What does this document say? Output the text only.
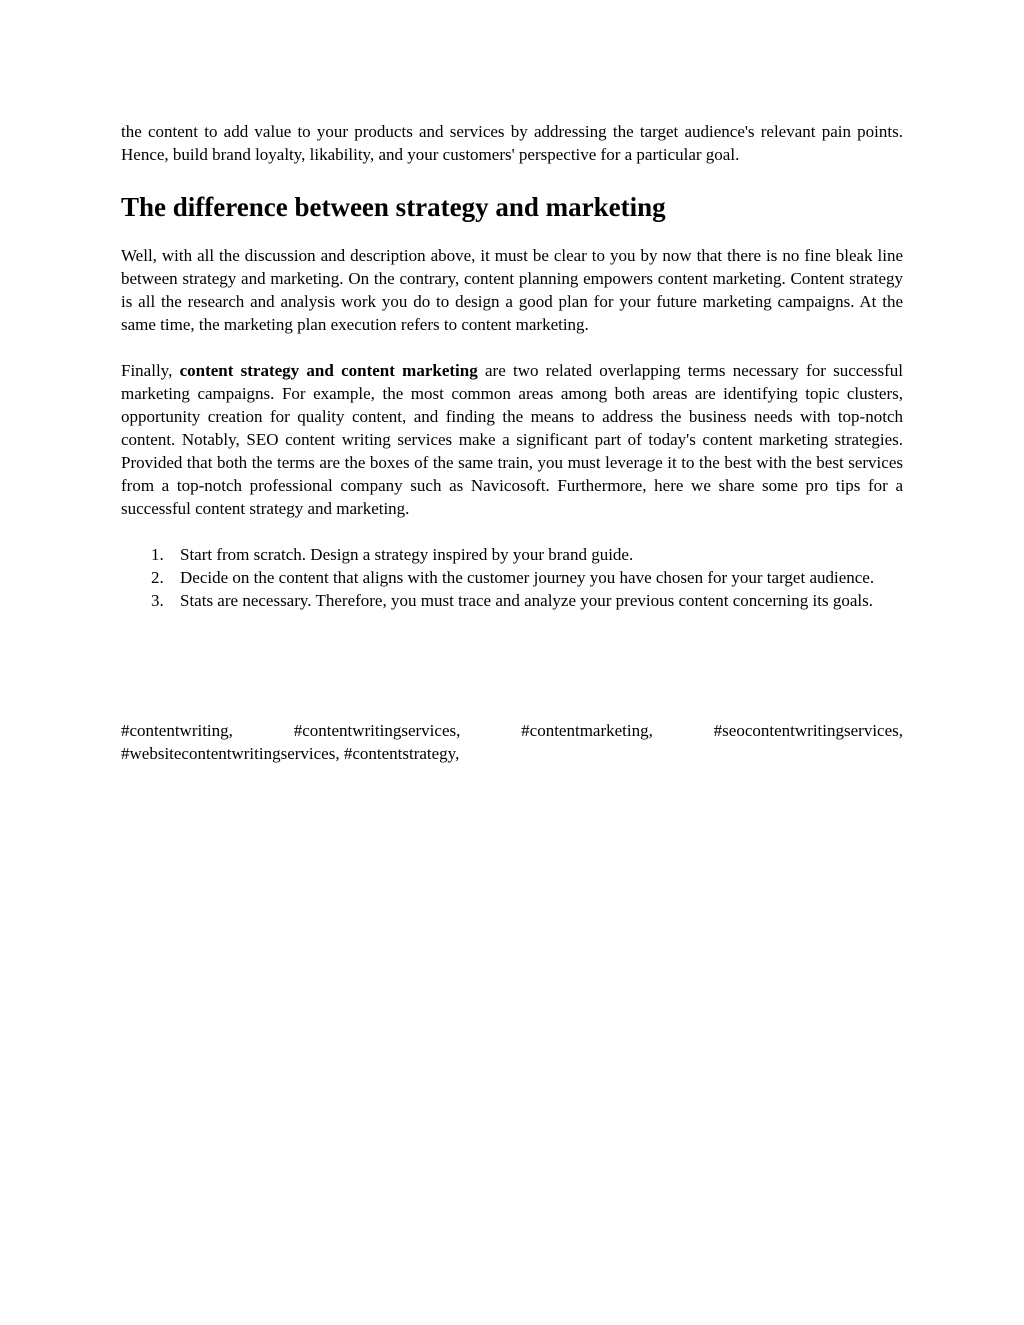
the content to add value to your products and services by addressing the target audience's relevant pain points. Hence, build brand loyalty, likability, and your customers' perspective for a particular goal.

The difference between strategy and marketing

Well, with all the discussion and description above, it must be clear to you by now that there is no fine bleak line between strategy and marketing. On the contrary, content planning empowers content marketing. Content strategy is all the research and analysis work you do to design a good plan for your future marketing campaigns. At the same time, the marketing plan execution refers to content marketing.

Finally, content strategy and content marketing are two related overlapping terms necessary for successful marketing campaigns. For example, the most common areas among both areas are identifying topic clusters, opportunity creation for quality content, and finding the means to address the business needs with top-notch content. Notably, SEO content writing services make a significant part of today's content marketing strategies. Provided that both the terms are the boxes of the same train, you must leverage it to the best with the best services from a top-notch professional company such as Navicosoft. Furthermore, here we share some pro tips for a successful content strategy and marketing.

1. Start from scratch. Design a strategy inspired by your brand guide.
2. Decide on the content that aligns with the customer journey you have chosen for your target audience.
3. Stats are necessary. Therefore, you must trace and analyze your previous content concerning its goals.

#contentwriting, #contentwritingservices, #contentmarketing, #seocontentwritingservices, #websitecontentwritingservices, #contentstrategy,
